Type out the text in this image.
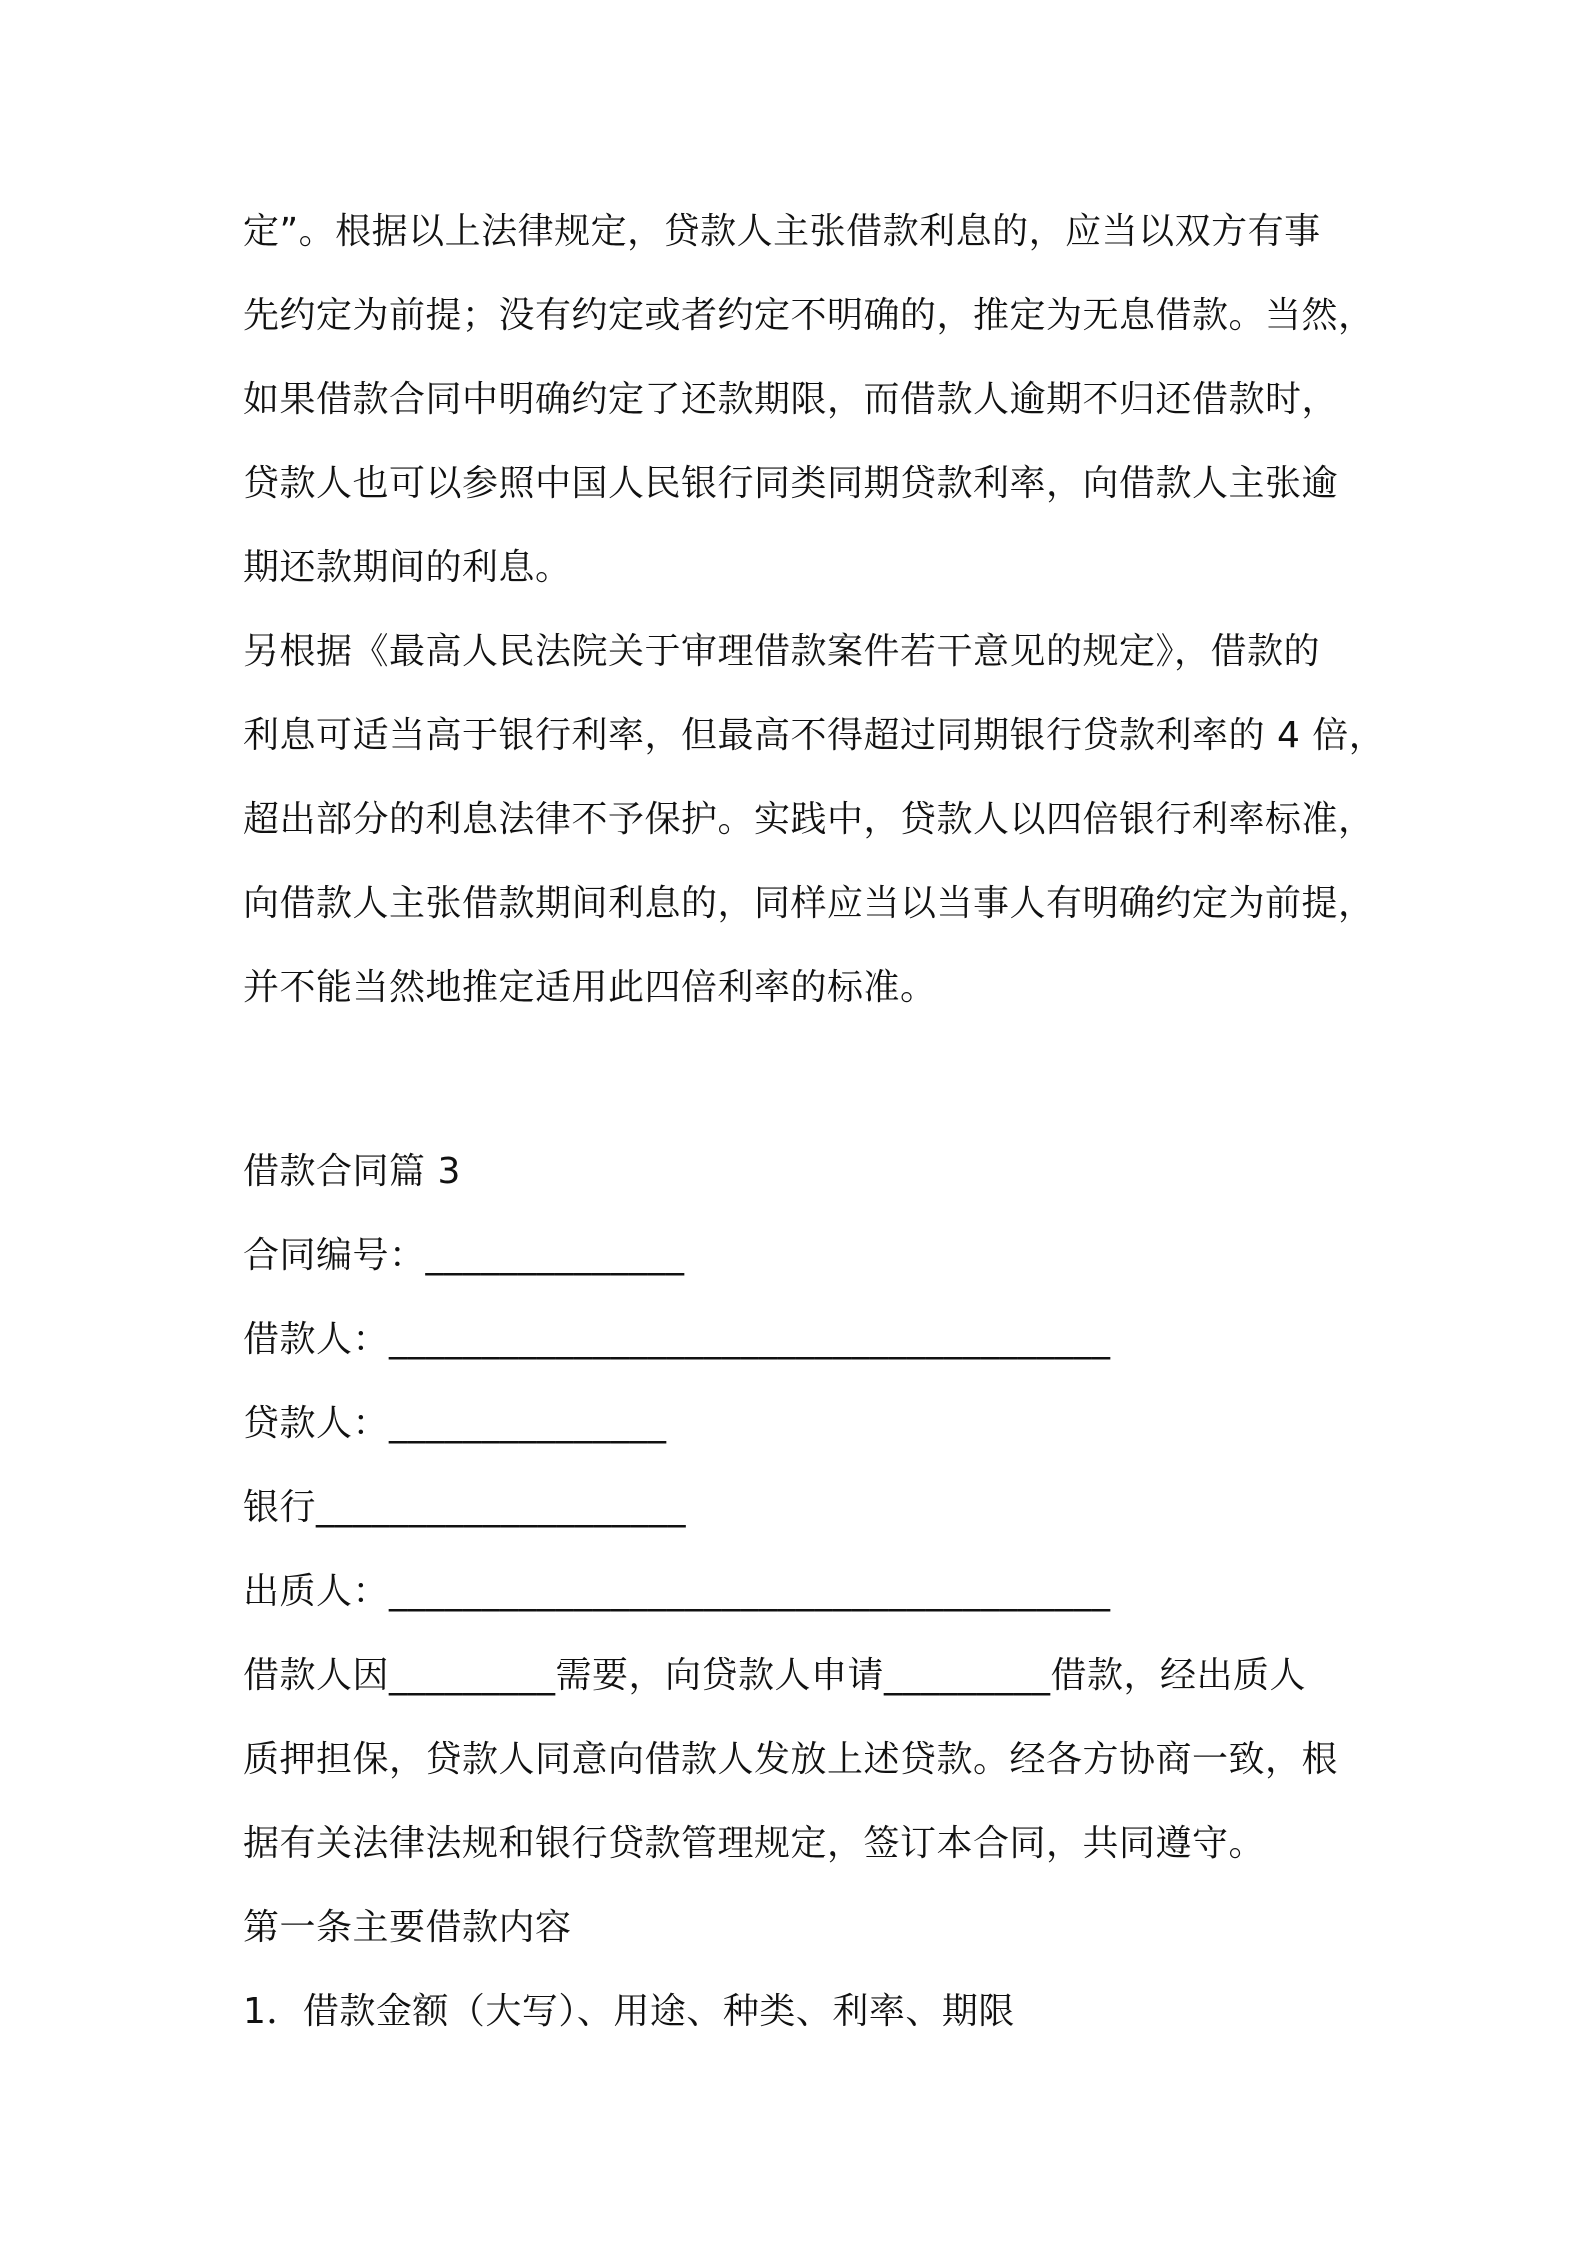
定”。根据以上法律规定，贷款人主张借款利息的，应当以双方有事
先约定为前提；没有约定或者约定不明确的，推定为无息借款。当然，
如果借款合同中明确约定了还款期限，而借款人逾期不归还借款时，
贷款人也可以参照中国人民银行同类同期贷款利率，向借款人主张逾
期还款期间的利息。
另根据《最高人民法院关于审理借款案件若干意见的规定》，借款的
利息可适当高于银行利率，但最高不得超过同期银行贷款利率的 4 倍，
超出部分的利息法律不予保护。实践中，贷款人以四倍银行利率标准，
向借款人主张借款期间利息的，同样应当以当事人有明确约定为前提，
并不能当然地推定适用此四倍利率的标准。
借款合同篇 3
合同编号：______________
借款人：_______________________________________
贷款人：_______________
银行____________________
出质人：_______________________________________
借款人因_________需要，向贷款人申请_________借款，经出质人
质押担保，贷款人同意向借款人发放上述贷款。经各方协商一致，根
据有关法律法规和银行贷款管理规定，签订本合同，共同遵守。
第一条主要借款内容
1．借款金额（大写）、用途、种类、利率、期限
